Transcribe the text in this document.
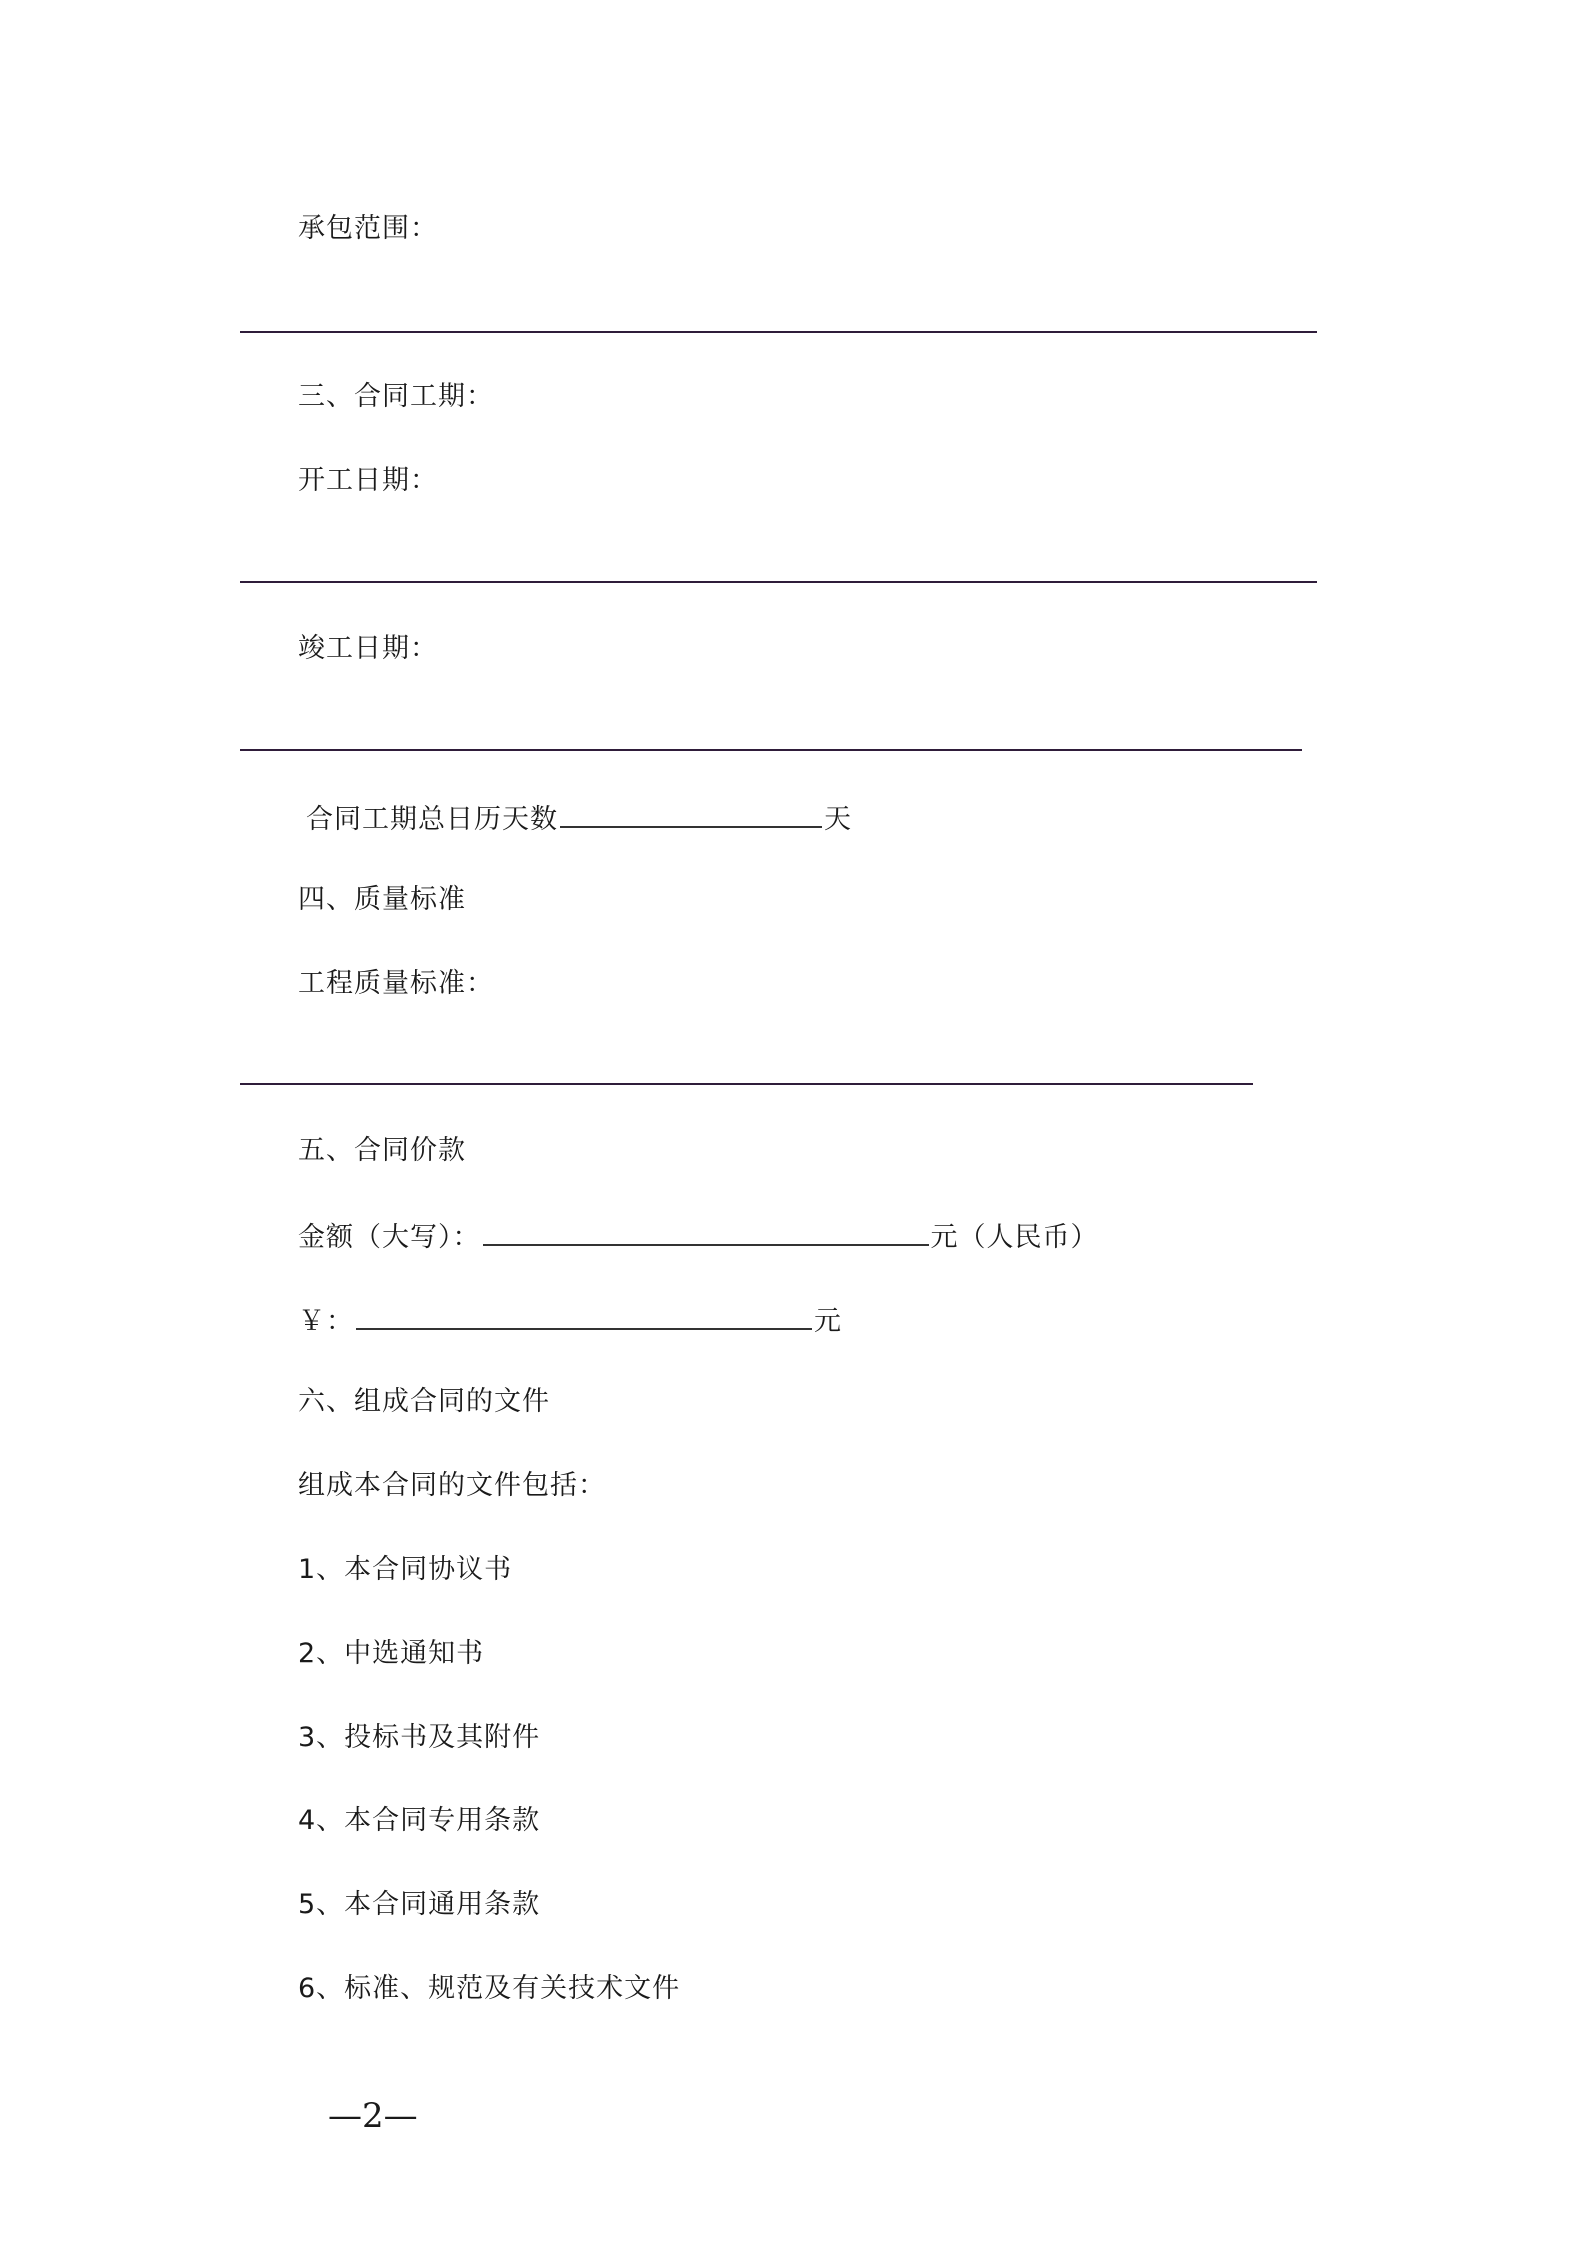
承包范围：
三、合同工期：
开工日期：
竣工日期：
合同工期总日历天数	天
四、质量标准
工程质量标准：
五、合同价款
金额（大写）：	元（人民币）
￥：	元
六、组成合同的文件
组成本合同的文件包括：
1、本合同协议书
2、中选通知书
3、投标书及其附件
4、本合同专用条款
5、本合同通用条款
6、标准、规范及有关技术文件
—2—
